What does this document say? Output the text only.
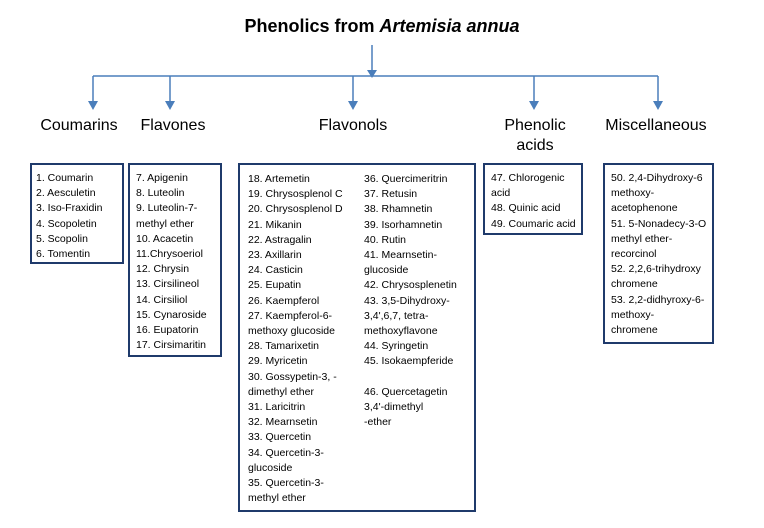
Phenolics from Artemisia annua
Coumarins	Flavones	Flavonols	Phenolic
acids
Miscellaneous
1. Coumarin
2. Aesculetin
3. Iso-Fraxidin
4. Scopoletin
5. Scopolin
6. Tomentin
7. Apigenin
8. Luteolin
9. Luteolin-7-
methyl ether
10. Acacetin
11.Chrysoeriol
12. Chrysin
13. Cirsilineol
14. Cirsiliol
15. Cynaroside
16. Eupatorin
17. Cirsimaritin
18. Artemetin
19. Chrysosplenol C
20. Chrysosplenol D
21. Mikanin
22. Astragalin
23. Axillarin
24. Casticin
25. Eupatin
26. Kaempferol
27. Kaempferol-6-
methoxy glucoside
28. Tamarixetin
29. Myricetin
30. Gossypetin-3, -
dimethyl ether
31. Laricitrin
32. Mearnsetin
33. Quercetin
34. Quercetin-3-
glucoside
35. Quercetin-3-
methyl ether
36. Quercimeritrin
37. Retusin
38. Rhamnetin
39. Isorhamnetin
40. Rutin
41. Mearnsetin-
glucoside
42. Chrysosplenetin
43. 3,5-Dihydroxy-
3,4',6,7, tetra-
methoxyflavone
44. Syringetin
45. Isokaempferide
46. Quercetagetin
3,4'-dimethyl
-ether
47. Chlorogenic
acid
48. Quinic acid
49. Coumaric acid
50. 2,4-Dihydroxy-6
methoxy-
acetophenone
51. 5-Nonadecy-3-O
methyl ether-
recorcinol
52. 2,2,6-trihydroxy
chromene
53. 2,2-didhyroxy-6-
methoxy-
chromene
